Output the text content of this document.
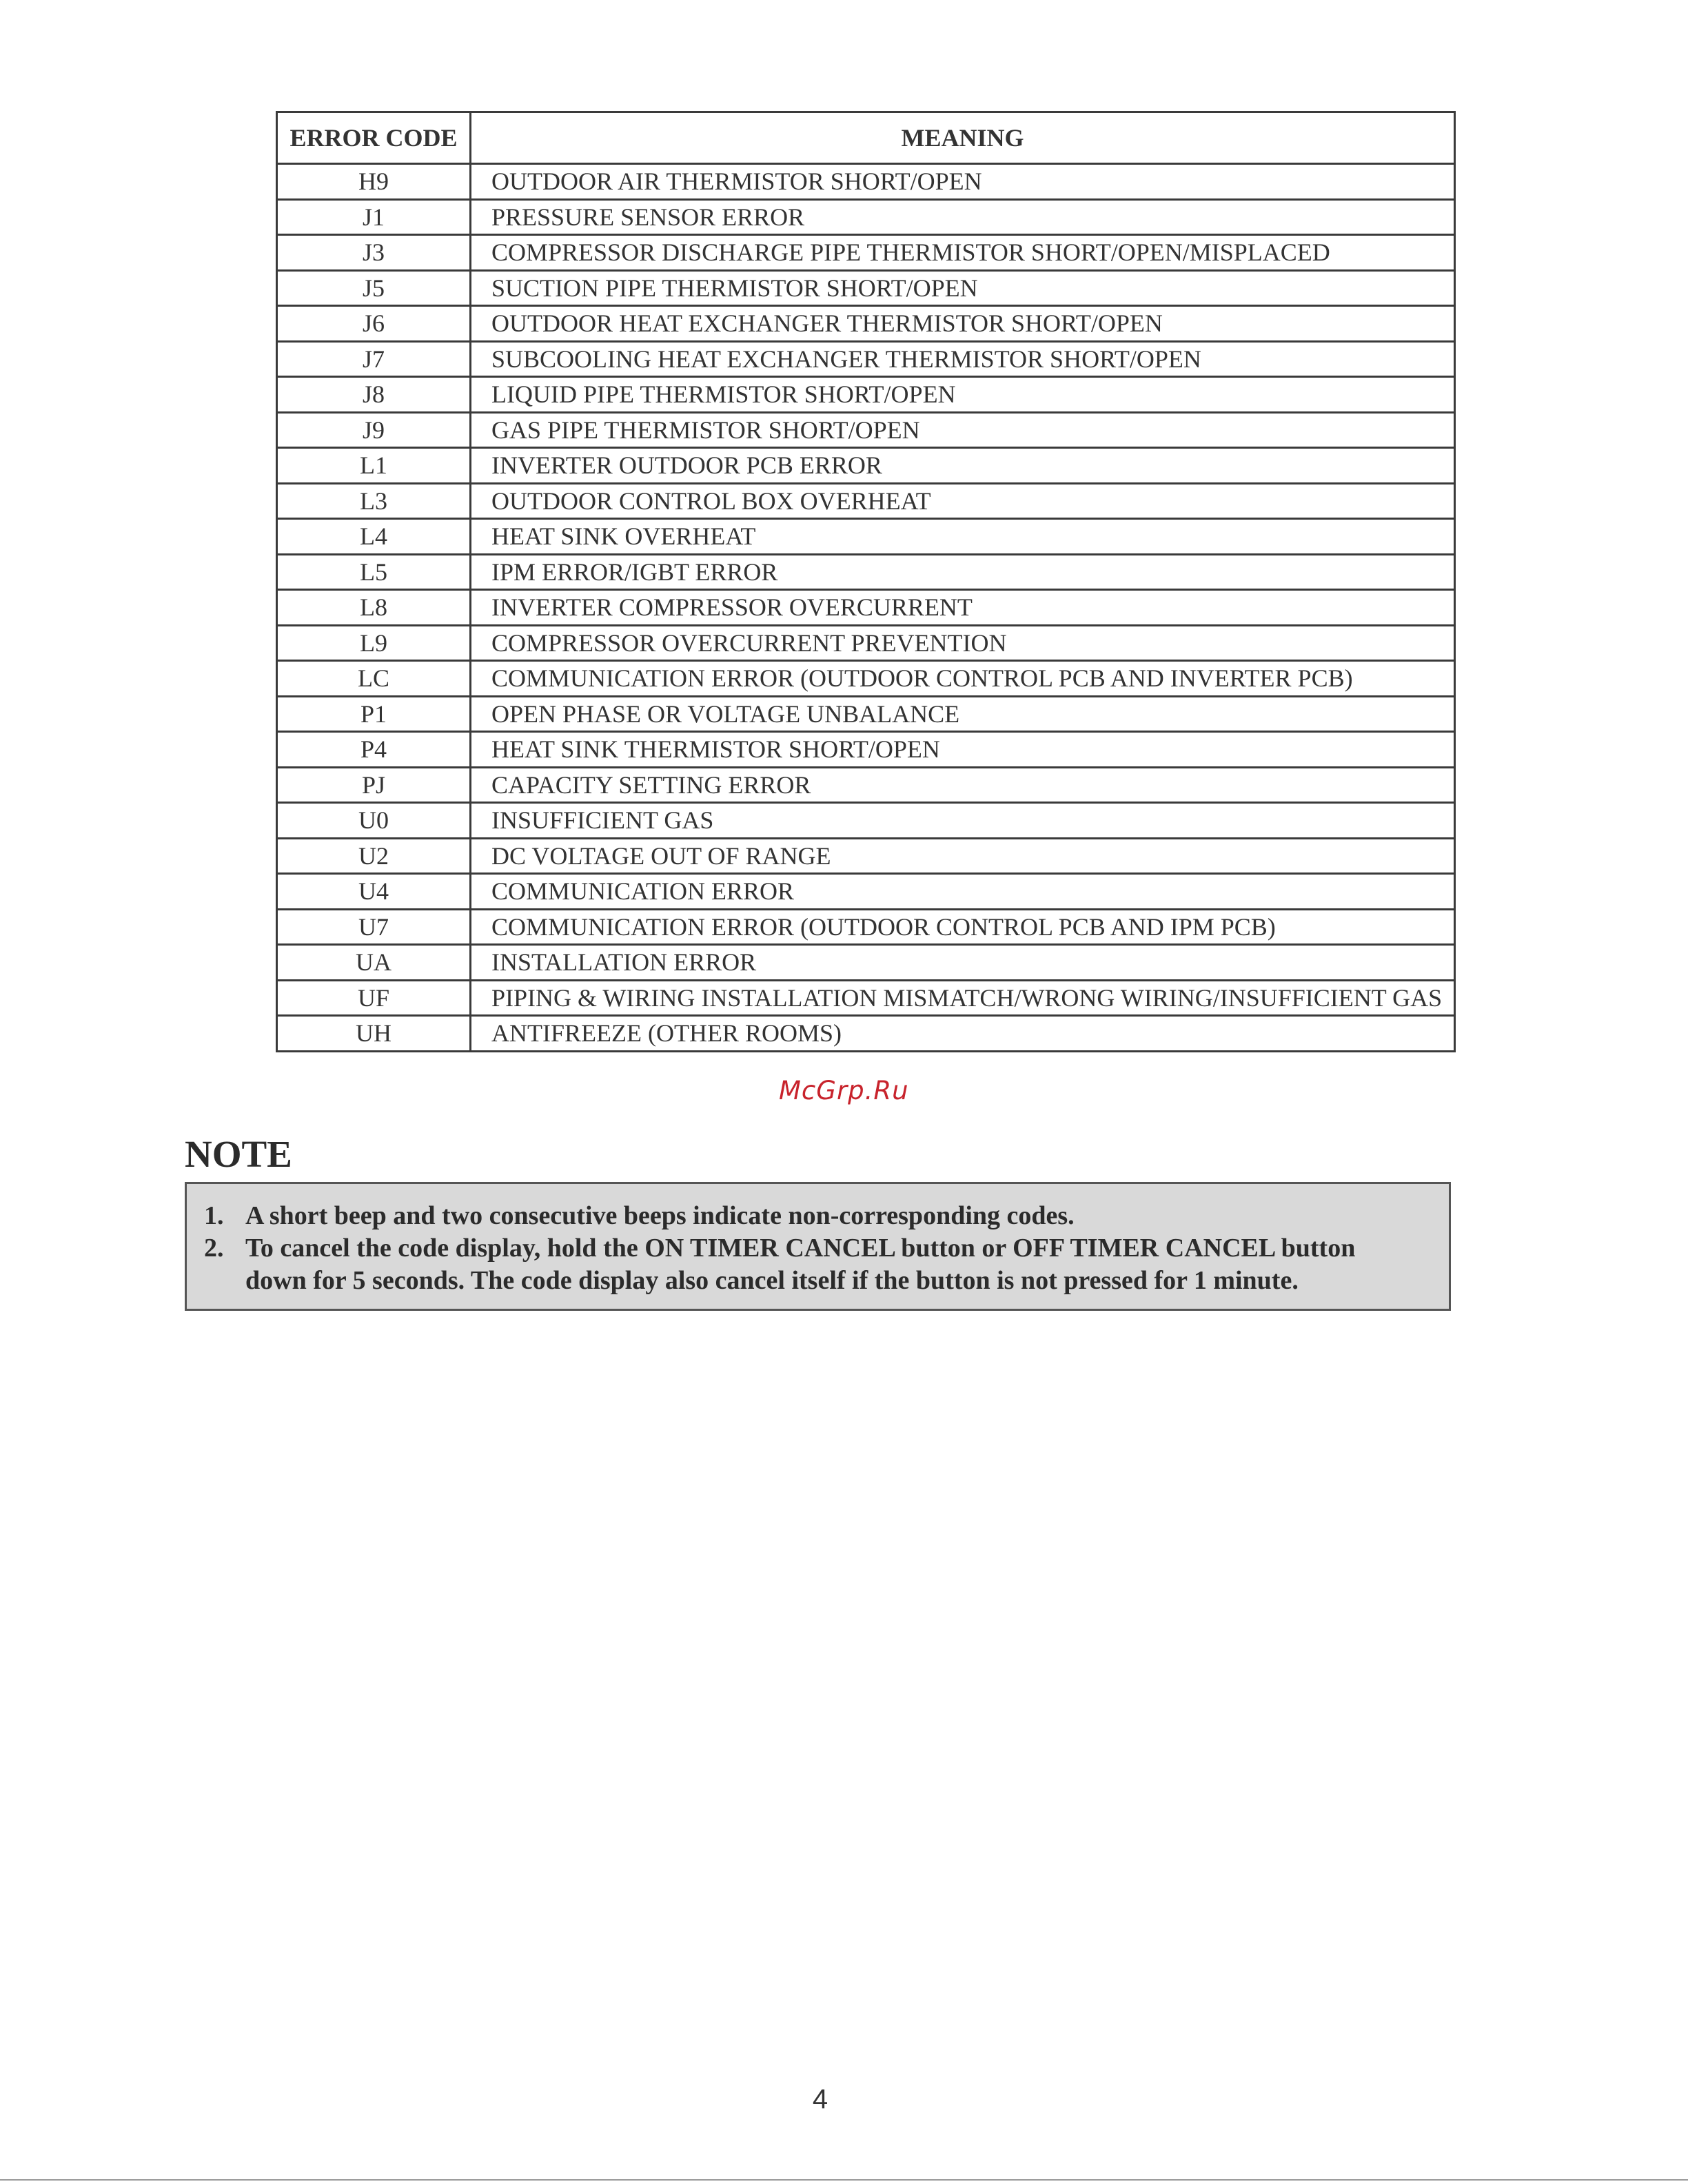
ERROR CODE	MEANING
H9	OUTDOOR AIR THERMISTOR SHORT/OPEN
J1	PRESSURE SENSOR ERROR
J3	COMPRESSOR DISCHARGE PIPE THERMISTOR SHORT/OPEN/MISPLACED
J5	SUCTION PIPE THERMISTOR SHORT/OPEN
J6	OUTDOOR HEAT EXCHANGER THERMISTOR SHORT/OPEN
J7	SUBCOOLING HEAT EXCHANGER THERMISTOR SHORT/OPEN
J8	LIQUID PIPE THERMISTOR SHORT/OPEN
J9	GAS PIPE THERMISTOR SHORT/OPEN
L1	INVERTER OUTDOOR PCB ERROR
L3	OUTDOOR CONTROL BOX OVERHEAT
L4	HEAT SINK OVERHEAT
L5	IPM ERROR/IGBT ERROR
L8	INVERTER COMPRESSOR OVERCURRENT
L9	COMPRESSOR OVERCURRENT PREVENTION
LC	COMMUNICATION ERROR (OUTDOOR CONTROL PCB AND INVERTER PCB)
P1	OPEN PHASE OR VOLTAGE UNBALANCE
P4	HEAT SINK THERMISTOR SHORT/OPEN
PJ	CAPACITY SETTING ERROR
U0	INSUFFICIENT GAS
U2	DC VOLTAGE OUT OF RANGE
U4	COMMUNICATION ERROR
U7	COMMUNICATION ERROR (OUTDOOR CONTROL PCB AND IPM PCB)
UA	INSTALLATION ERROR
UF	PIPING & WIRING INSTALLATION MISMATCH/WRONG WIRING/INSUFFICIENT GAS
UH	ANTIFREEZE (OTHER ROOMS)
McGrp.Ru
NOTE
1. A short beep and two consecutive beeps indicate non-corresponding codes.
2. To cancel the code display, hold the ON TIMER CANCEL button or OFF TIMER CANCEL button
down for 5 seconds. The code display also cancel itself if the button is not pressed for 1 minute.
4
